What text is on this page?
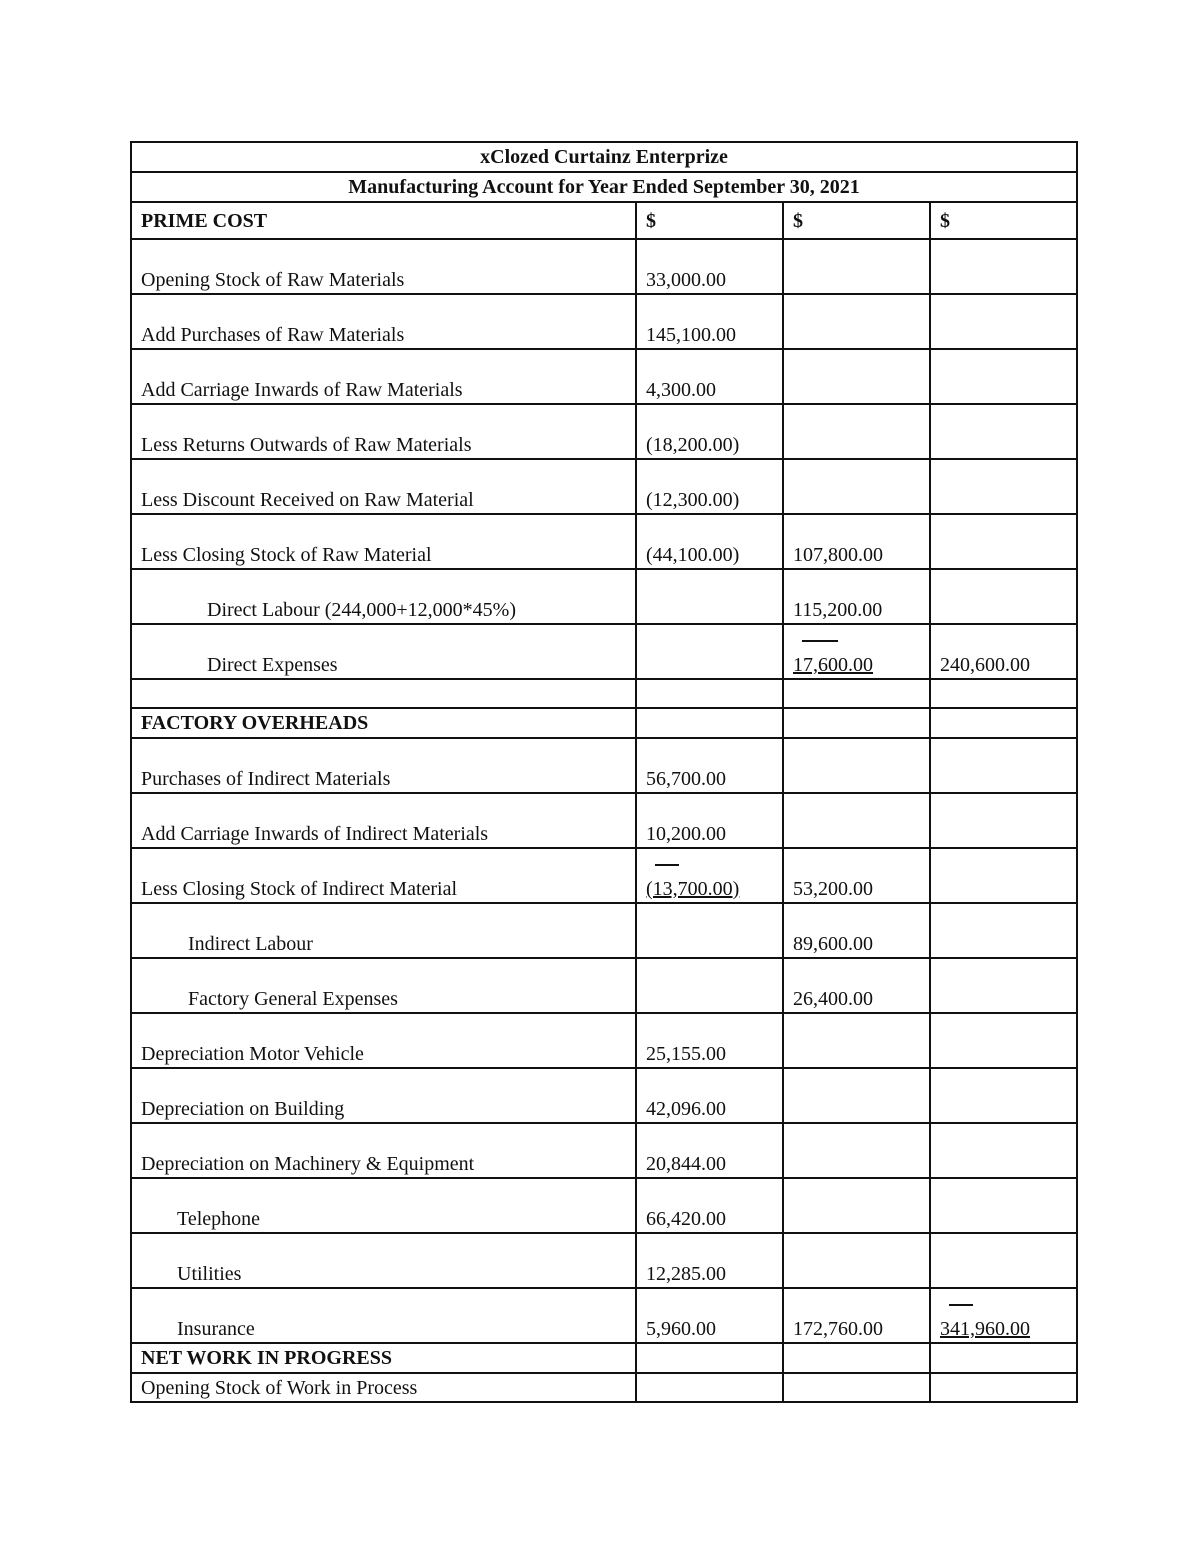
xClozed Curtainz Enterprize			
Manufacturing Account for Year Ended September 30, 2021			
PRIME COST	$	$	$
Opening Stock of Raw Materials	33,000.00		
Add Purchases of Raw Materials	145,100.00		
Add Carriage Inwards of Raw Materials	4,300.00		
Less Returns Outwards of Raw Materials	(18,200.00)		
Less Discount Received on Raw Material	(12,300.00)		
Less Closing Stock of Raw Material	(44,100.00)	107,800.00	
Direct Labour (244,000+12,000*45%)		115,200.00	
Direct Expenses		17,600.00	240,600.00

FACTORY OVERHEADS			
Purchases of Indirect Materials	56,700.00		
Add Carriage Inwards of Indirect Materials	10,200.00		
Less Closing Stock of Indirect Material	(13,700.00)	53,200.00	
Indirect Labour		89,600.00	
Factory General Expenses		26,400.00	
Depreciation Motor Vehicle	25,155.00		
Depreciation on Building	42,096.00		
Depreciation on Machinery & Equipment	20,844.00		
Telephone	66,420.00		
Utilities	12,285.00		
Insurance	5,960.00	172,760.00	341,960.00
NET WORK IN PROGRESS			
Opening Stock of Work in Process			
